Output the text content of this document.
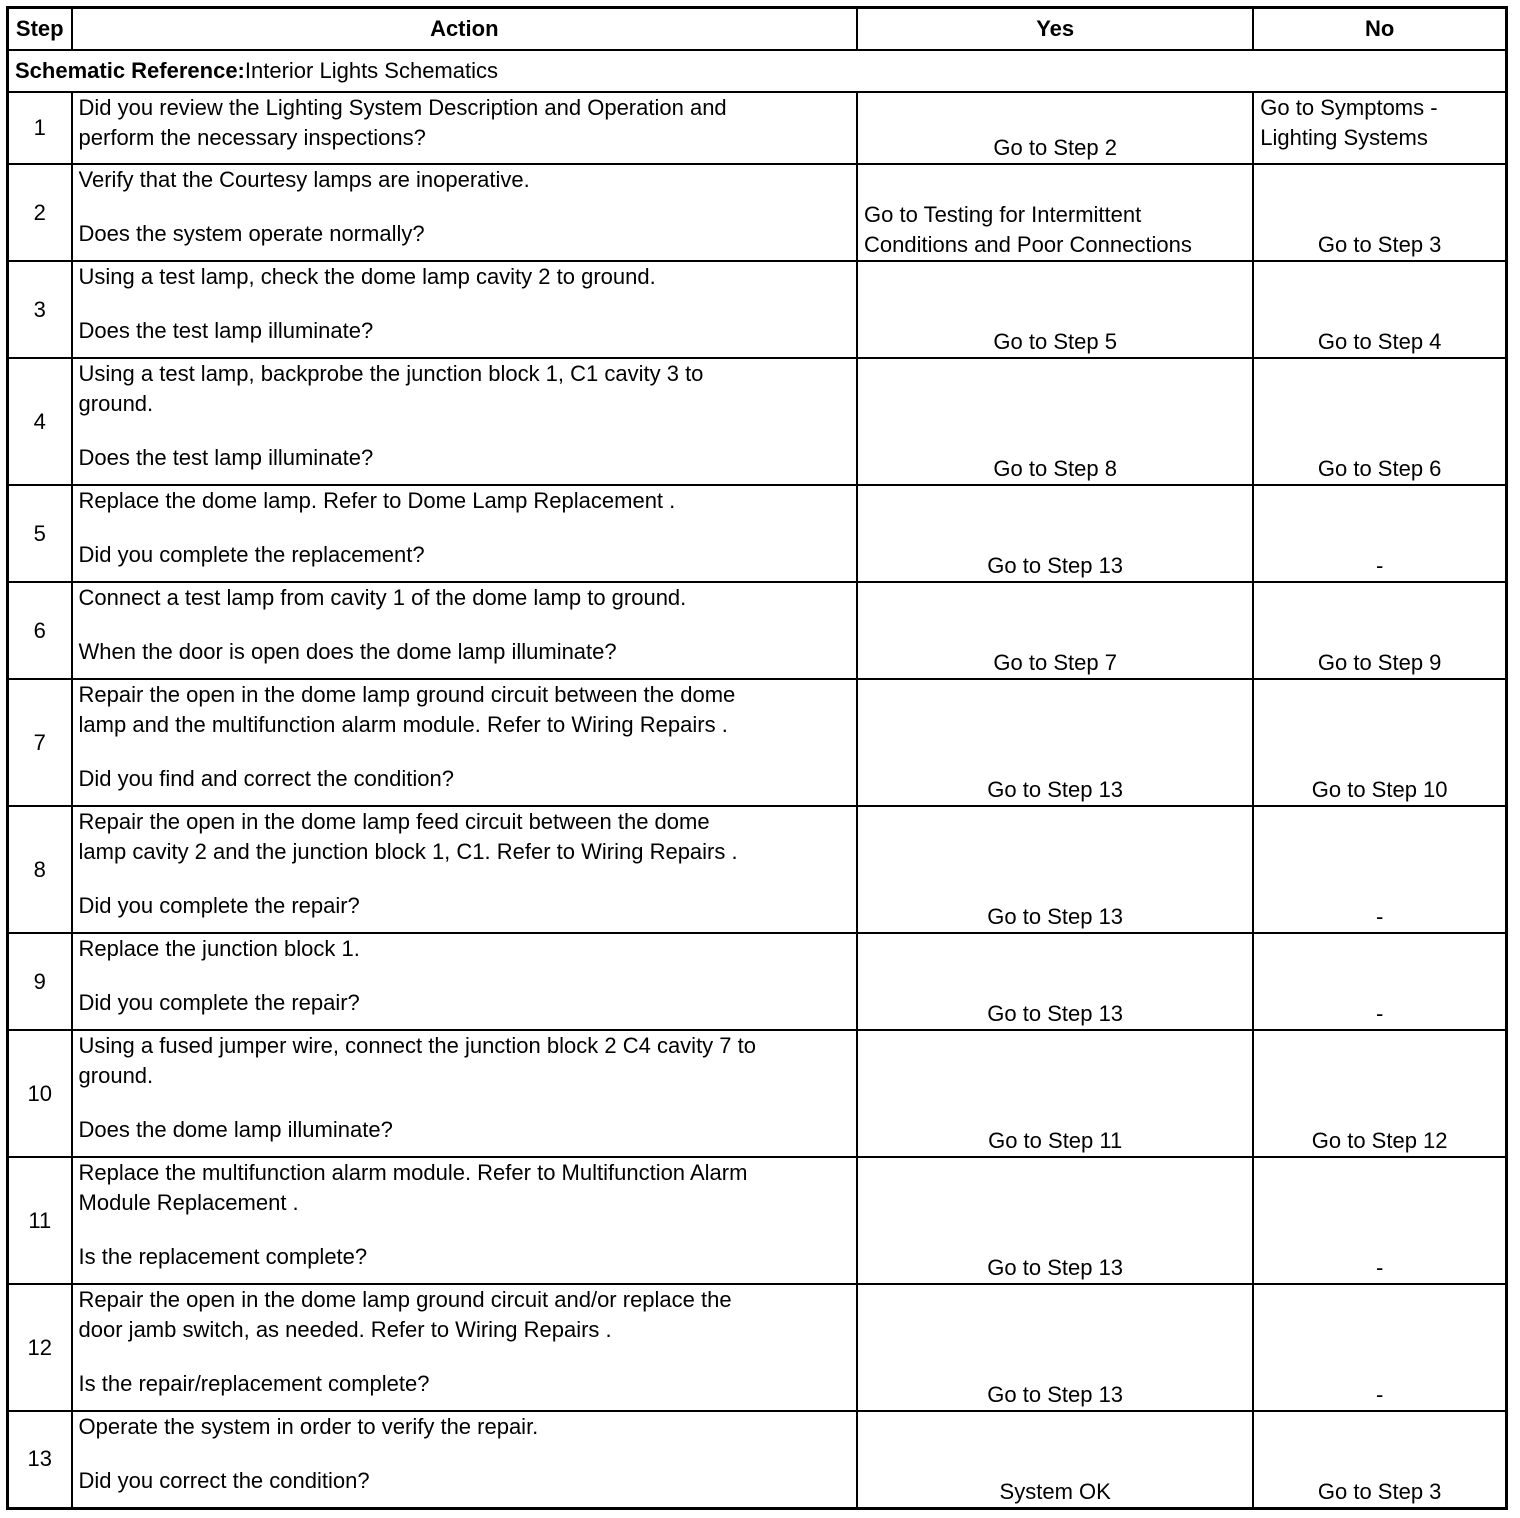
Step	Action	Yes	No
Schematic Reference:Interior Lights Schematics			
1	Did you review the Lighting System Description and Operation and
perform the necessary inspections?	Go to Step 2	Go to Symptoms -
Lighting Systems

2	Verify that the Courtesy lamps are inoperative.
Does the system operate normally?	Go to Testing for Intermittent
Conditions and Poor Connections	Go to Step 3

3	Using a test lamp, check the dome lamp cavity 2 to ground.
Does the test lamp illuminate?	Go to Step 5	Go to Step 4

4	Using a test lamp, backprobe the junction block 1, C1 cavity 3 to
ground.
Does the test lamp illuminate?	Go to Step 8	Go to Step 6

5	Replace the dome lamp. Refer to Dome Lamp Replacement .
Did you complete the replacement?	Go to Step 13	-

6	Connect a test lamp from cavity 1 of the dome lamp to ground.
When the door is open does the dome lamp illuminate?	Go to Step 7	Go to Step 9

7	Repair the open in the dome lamp ground circuit between the dome
lamp and the multifunction alarm module. Refer to Wiring Repairs .
Did you find and correct the condition?	Go to Step 13	Go to Step 10

8	Repair the open in the dome lamp feed circuit between the dome
lamp cavity 2 and the junction block 1, C1. Refer to Wiring Repairs .
Did you complete the repair?	Go to Step 13	-

9	Replace the junction block 1.
Did you complete the repair?	Go to Step 13	-

10	Using a fused jumper wire, connect the junction block 2 C4 cavity 7 to
ground.
Does the dome lamp illuminate?	Go to Step 11	Go to Step 12

11	Replace the multifunction alarm module. Refer to Multifunction Alarm
Module Replacement .
Is the replacement complete?	Go to Step 13	-

12	Repair the open in the dome lamp ground circuit and/or replace the
door jamb switch, as needed. Refer to Wiring Repairs .
Is the repair/replacement complete?	Go to Step 13	-

13	Operate the system in order to verify the repair.
Did you correct the condition?	System OK	Go to Step 3
